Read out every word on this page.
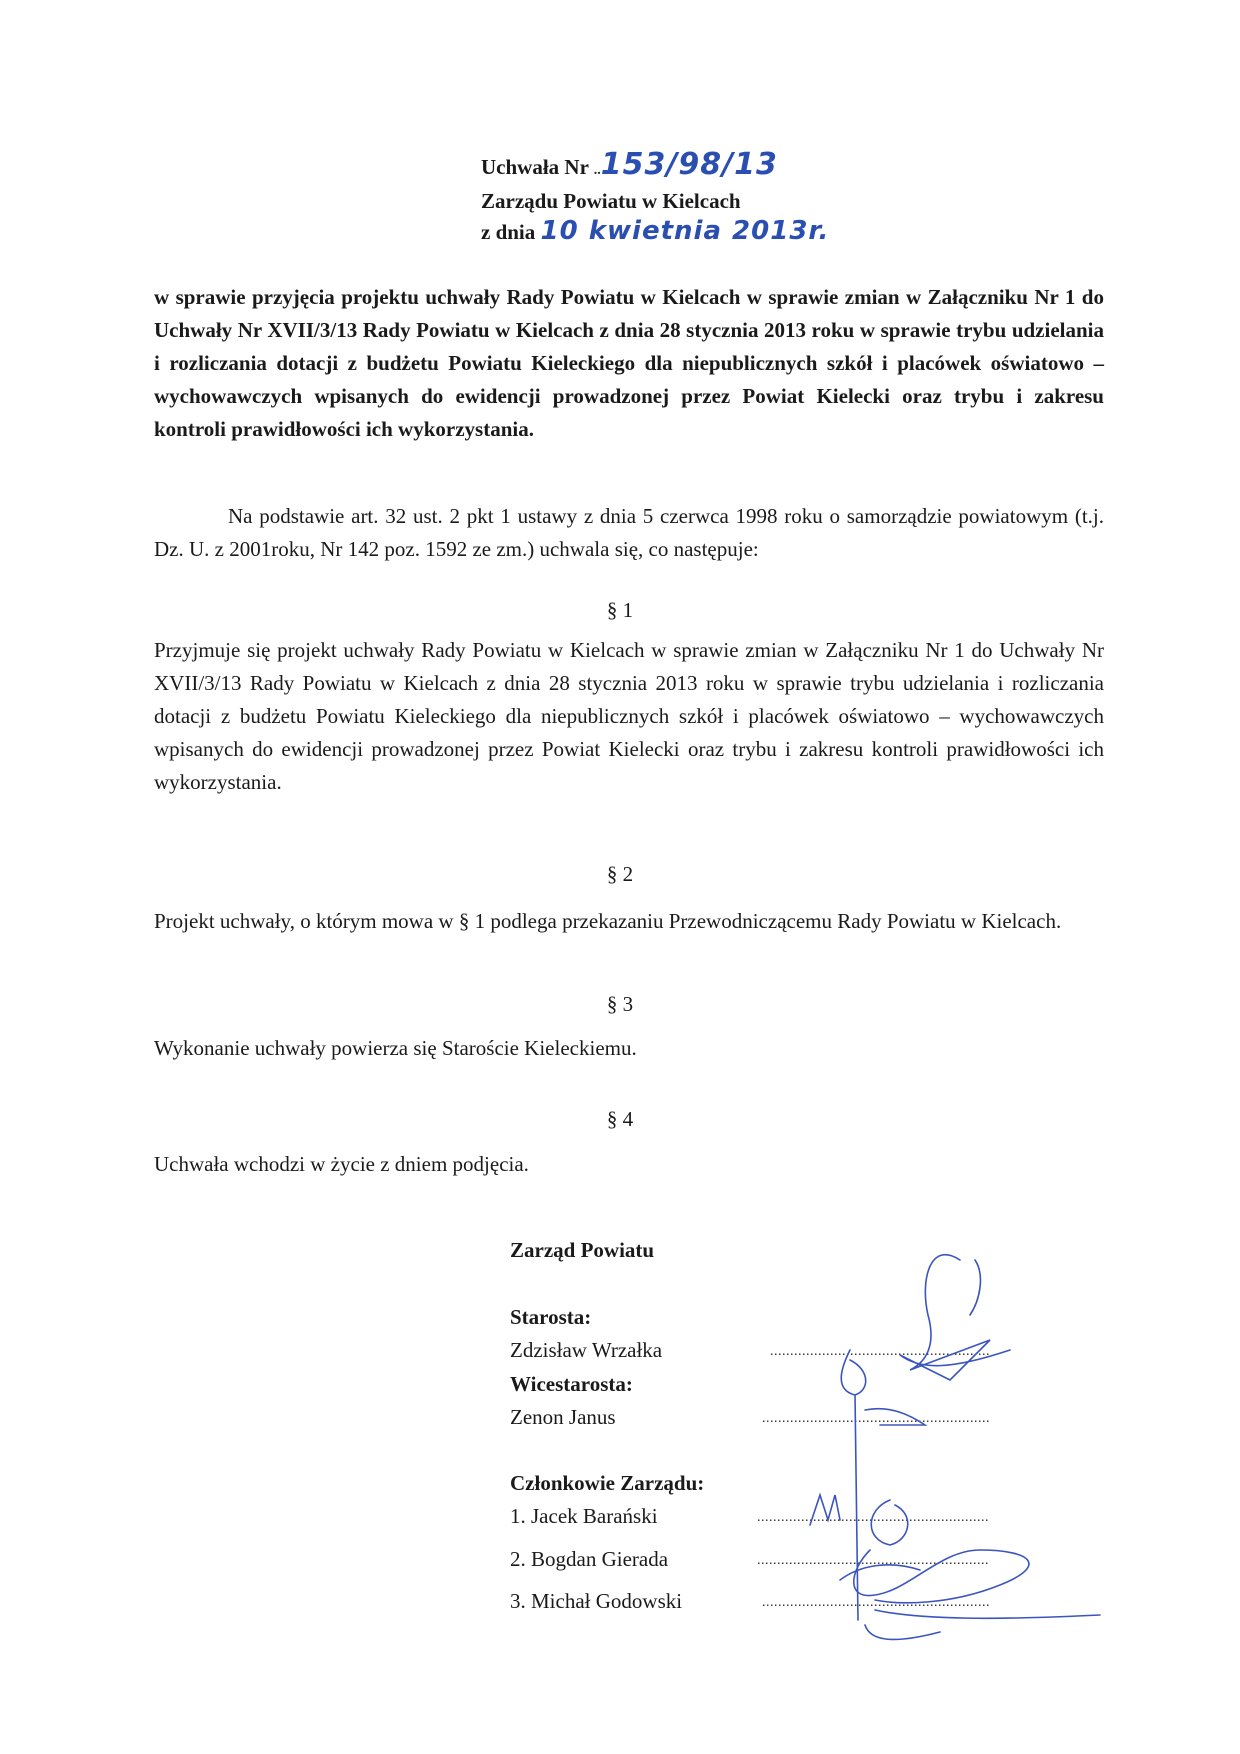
Uchwała Nr ..153/98/13
Zarządu Powiatu w Kielcach
z dnia 10 kwietnia 2013r.
w sprawie przyjęcia projektu uchwały Rady Powiatu w Kielcach w sprawie zmian w Załączniku Nr 1 do Uchwały Nr XVII/3/13 Rady Powiatu w Kielcach z dnia 28 stycznia 2013 roku w sprawie trybu udzielania i rozliczania dotacji z budżetu Powiatu Kieleckiego dla niepublicznych szkół i placówek oświatowo – wychowawczych wpisanych do ewidencji prowadzonej przez Powiat Kielecki oraz trybu i zakresu kontroli prawidłowości ich wykorzystania.
Na podstawie art. 32 ust. 2 pkt 1 ustawy z dnia 5 czerwca 1998 roku o samorządzie powiatowym (t.j. Dz. U. z 2001roku, Nr 142 poz. 1592 ze zm.) uchwala się, co następuje:
§ 1
Przyjmuje się projekt uchwały Rady Powiatu w Kielcach w sprawie zmian w Załączniku Nr 1 do Uchwały Nr XVII/3/13 Rady Powiatu w Kielcach z dnia 28 stycznia 2013 roku w sprawie trybu udzielania i rozliczania dotacji z budżetu Powiatu Kieleckiego dla niepublicznych szkół i placówek oświatowo – wychowawczych wpisanych do ewidencji prowadzonej przez Powiat Kielecki oraz trybu i zakresu kontroli prawidłowości ich wykorzystania.
§ 2
Projekt uchwały, o którym mowa w § 1 podlega przekazaniu Przewodniczącemu Rady Powiatu w Kielcach.
§ 3
Wykonanie uchwały powierza się Staroście Kieleckiemu.
§ 4
Uchwała wchodzi w życie z dniem podjęcia.
Zarząd Powiatu
Starosta:
Zdzisław Wrzałka	.......................................................
Wicestarosta:
Zenon Janus	.........................................................
Członkowie Zarządu:
1. Jacek Barański	..........................................................
2. Bogdan Gierada	..........................................................
3. Michał Godowski	.........................................................
